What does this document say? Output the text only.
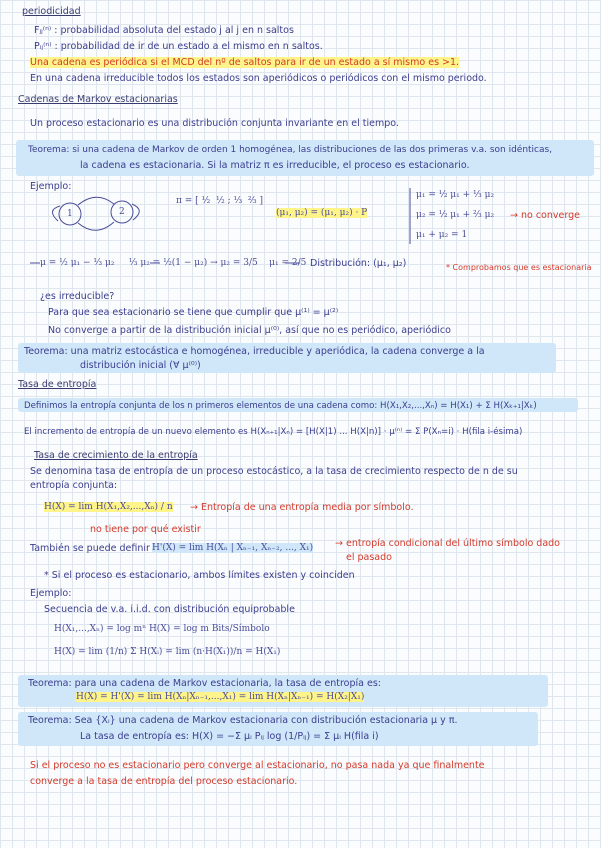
periodicidad
Fⱼⱼ⁽ⁿ⁾ : probabilidad absoluta del estado j al j en n saltos
Pᵢⱼ⁽ⁿ⁾ : probabilidad de ir de un estado a el mismo en n saltos.
Una cadena es periódica si el MCD del nº de saltos para ir de un estado a sí mismo es >1.
En una cadena irreducible todos los estados son aperiódicos o periódicos con el mismo periodo.
Cadenas de Markov estacionarias
Un proceso estacionario es una distribución conjunta invariante en el tiempo.
Teorema: si una cadena de Markov de orden 1 homogénea, las distribuciones de las dos primeras v.a. son idénticas,
la cadena es estacionaria. Si la matriz π es irreducible, el proceso es estacionario.
Ejemplo:
1	2
π = [ ½  ½ ; ⅓  ⅔ ]
(μ₁, μ₂) = (μ₁, μ₂) · P
μ₁ = ½ μ₁ + ⅓ μ₂
μ₂ = ½ μ₁ + ⅔ μ₂
μ₁ + μ₂ = 1
→ no converge
μ = ½ μ₁ − ⅓ μ₂     ⅓ μ₂ = ½(1 − μ₂) → μ₂ = 3/5    μ₁ = 2/5 Distribución: (μ₁, μ₂)	* Comprobamos que es estacionaria
¿es irreducible?
Para que sea estacionario se tiene que cumplir que μ⁽¹⁾ = μ⁽²⁾
No converge a partir de la distribución inicial μ⁽⁰⁾, así que no es periódico, aperiódico
Teorema: una matriz estocástica e homogénea, irreducible y aperiódica, la cadena converge a la
distribución inicial (∀ μ⁽⁰⁾)
Tasa de entropía
Definimos la entropía conjunta de los n primeros elementos de una cadena como: H(X₁,X₂,...,Xₙ) = H(X₁) + Σ H(Xₖ₊₁|Xₖ)
El incremento de entropía de un nuevo elemento es H(Xₙ₊₁|Xₙ) = [H(X|1) ... H(X|n)] · μ⁽ⁿ⁾ = Σ P(Xₙ=i) · H(fila i-ésima)
Tasa de crecimiento de la entropía
Se denomina tasa de entropía de un proceso estocástico, a la tasa de crecimiento respecto de n de su
entropía conjunta:
H(X) = lim H(X₁,X₂,...,Xₙ) / n → Entropía de una entropía media por símbolo.
no tiene por qué existir
También se puede definir H'(X) = lim H(Xₙ | Xₙ₋₁, Xₙ₋₂, ..., X₁) → entropía condicional del último símbolo dado
el pasado
* Si el proceso es estacionario, ambos límites existen y coinciden
Ejemplo:
Secuencia de v.a. i.i.d. con distribución equiprobable
H(X₁,...,Xₙ) = log mⁿ H(X) = log m Bits/Símbolo
H(X) = lim (1/n) Σ H(Xᵢ) = lim (n·H(X₁))/n = H(X₁)
Teorema: para una cadena de Markov estacionaria, la tasa de entropía es:
H(X) = H'(X) = lim H(Xₙ|Xₙ₋₁,...,X₁) = lim H(Xₙ|Xₙ₋₁) = H(X₂|X₁)
Teorema: Sea {Xᵢ} una cadena de Markov estacionaria con distribución estacionaria μ y π.
La tasa de entropía es: H(X) = −Σ μᵢ Pᵢⱼ log (1/Pᵢⱼ) = Σ μᵢ H(fila i)
Si el proceso no es estacionario pero converge al estacionario, no pasa nada ya que finalmente
converge a la tasa de entropía del proceso estacionario.
